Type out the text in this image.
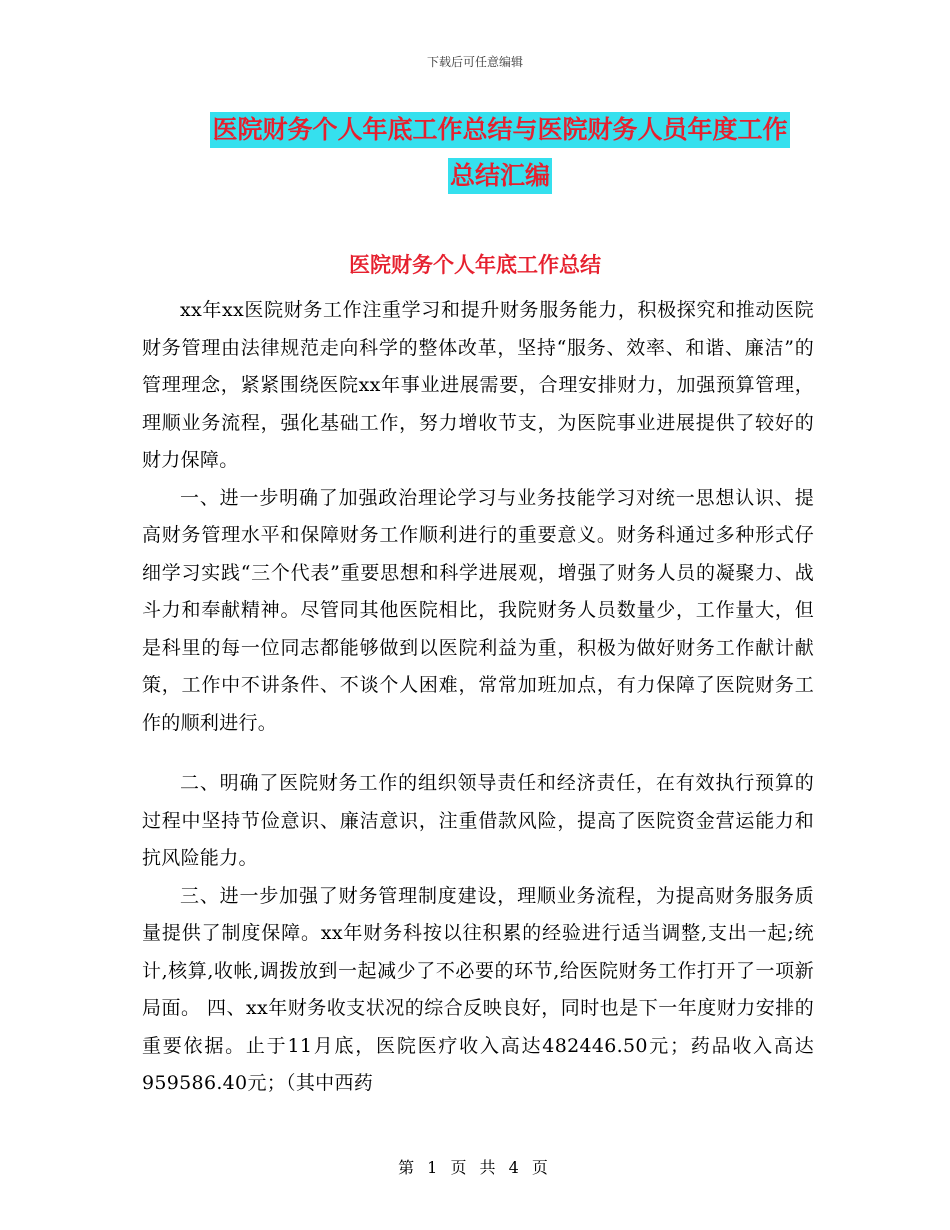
下载后可任意编辑
医院财务个人年底工作总结与医院财务人员年度工作
总结汇编
医院财务个人年底工作总结

xx年xx医院财务工作注重学习和提升财务服务能力，积极探究和推动医院财务管理由法律规范走向科学的整体改革，坚持“服务、效率、和谐、廉洁”的管理理念，紧紧围绕医院xx年事业进展需要，合理安排财力，加强预算管理，理顺业务流程，强化基础工作，努力增收节支，为医院事业进展提供了较好的财力保障。

一、进一步明确了加强政治理论学习与业务技能学习对统一思想认识、提高财务管理水平和保障财务工作顺利进行的重要意义。财务科通过多种形式仔细学习实践“三个代表”重要思想和科学进展观，增强了财务人员的凝聚力、战斗力和奉献精神。尽管同其他医院相比，我院财务人员数量少，工作量大，但是科里的每一位同志都能够做到以医院利益为重，积极为做好财务工作献计献策，工作中不讲条件、不谈个人困难，常常加班加点，有力保障了医院财务工作的顺利进行。

二、明确了医院财务工作的组织领导责任和经济责任，在有效执行预算的过程中坚持节俭意识、廉洁意识，注重借款风险，提高了医院资金营运能力和抗风险能力。

三、进一步加强了财务管理制度建设，理顺业务流程，为提高财务服务质量提供了制度保障。xx年财务科按以往积累的经验进行适当调整,支出一起;统计,核算,收帐,调拨放到一起减少了不必要的环节,给医院财务工作打开了一项新局面。 四、xx年财务收支状况的综合反映良好，同时也是下一年度财力安排的重要依据。止于11月底，医院医疗收入高达482446.50元；药品收入高达959586.40元；（其中西药

第 1 页 共 4 页
